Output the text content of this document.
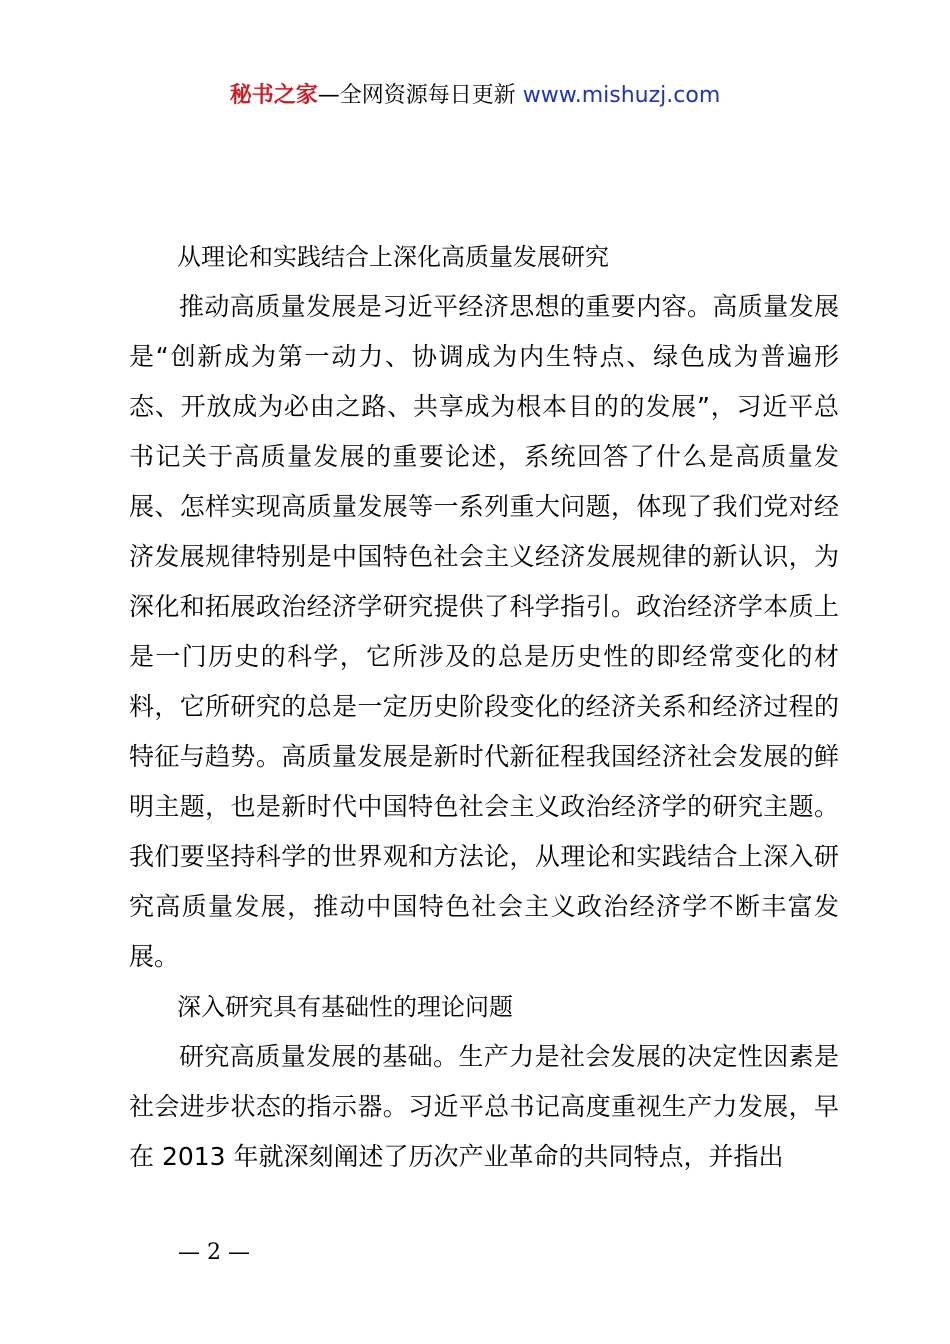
秘书之家—全网资源每日更新 www.mishuzj.com

从理论和实践结合上深化高质量发展研究

推动高质量发展是习近平经济思想的重要内容。高质量发展是“创新成为第一动力、协调成为内生特点、绿色成为普遍形态、开放成为必由之路、共享成为根本目的的发展”，习近平总书记关于高质量发展的重要论述，系统回答了什么是高质量发展、怎样实现高质量发展等一系列重大问题，体现了我们党对经济发展规律特别是中国特色社会主义经济发展规律的新认识，为深化和拓展政治经济学研究提供了科学指引。政治经济学本质上是一门历史的科学，它所涉及的总是历史性的即经常变化的材料，它所研究的总是一定历史阶段变化的经济关系和经济过程的特征与趋势。高质量发展是新时代新征程我国经济社会发展的鲜明主题，也是新时代中国特色社会主义政治经济学的研究主题。我们要坚持科学的世界观和方法论，从理论和实践结合上深入研究高质量发展，推动中国特色社会主义政治经济学不断丰富发展。

深入研究具有基础性的理论问题

研究高质量发展的基础。生产力是社会发展的决定性因素是社会进步状态的指示器。习近平总书记高度重视生产力发展，早在 2013 年就深刻阐述了历次产业革命的共同特点，并指出

— 2 —
